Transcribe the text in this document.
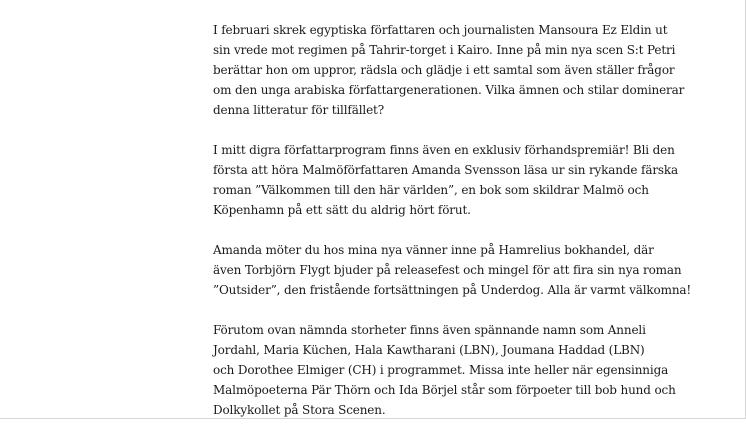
I februari skrek egyptiska författaren och journalisten Mansoura Ez Eldin ut
sin vrede mot regimen på Tahrir-torget i Kairo. Inne på min nya scen S:t Petri
berättar hon om uppror, rädsla och glädje i ett samtal som även ställer frågor
om den unga arabiska författargenerationen. Vilka ämnen och stilar dominerar
denna litteratur för tillfället?

I mitt digra författarprogram finns även en exklusiv förhandspremiär! Bli den
första att höra Malmöförfattaren Amanda Svensson läsa ur sin rykande färska
roman ”Välkommen till den här världen”, en bok som skildrar Malmö och
Köpenhamn på ett sätt du aldrig hört förut.

Amanda möter du hos mina nya vänner inne på Hamrelius bokhandel, där
även Torbjörn Flygt bjuder på releasefest och mingel för att fira sin nya roman
”Outsider”, den fristående fortsättningen på Underdog. Alla är varmt välkomna!

Förutom ovan nämnda storheter finns även spännande namn som Anneli
Jordahl, Maria Küchen, Hala Kawtharani (LBN), Joumana Haddad (LBN)
och Dorothee Elmiger (CH) i programmet. Missa inte heller när egensinniga
Malmöpoeterna Pär Thörn och Ida Börjel står som förpoeter till bob hund och
Dolkykollet på Stora Scenen.
